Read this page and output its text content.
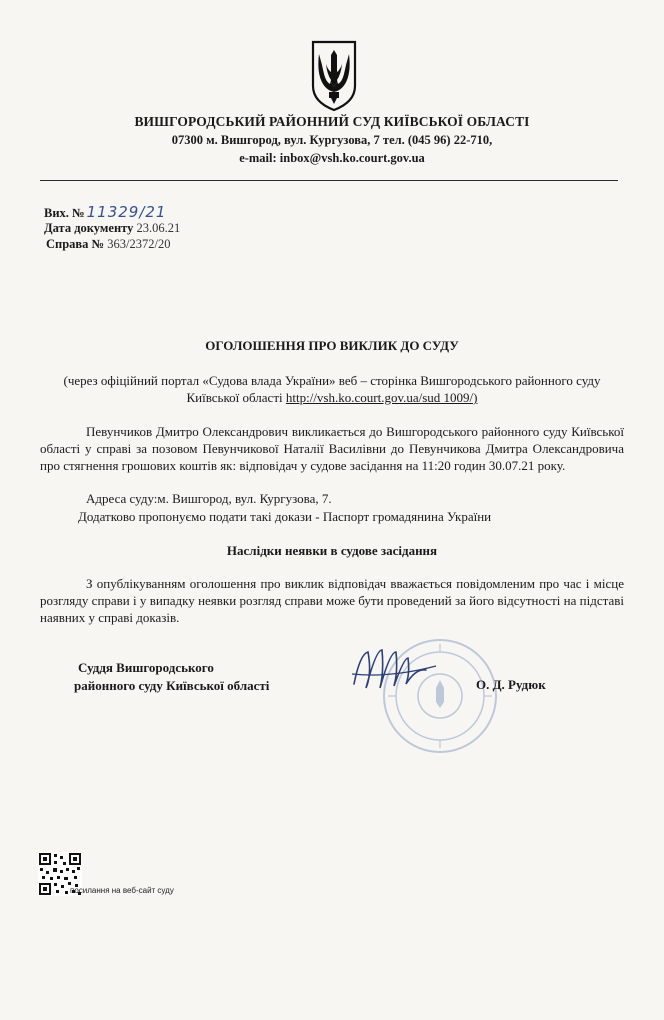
ВИШГОРОДСЬКИЙ РАЙОННИЙ СУД КИЇВСЬКОЇ ОБЛАСТІ
07300 м. Вишгород, вул. Кургузова, 7 тел. (045 96) 22-710,
e-mail: inbox@vsh.ko.court.gov.ua
Вих. № 11329/21
Дата документу 23.06.21
Справа № 363/2372/20
ОГОЛОШЕННЯ ПРО ВИКЛИК ДО СУДУ
(через офіційний портал «Судова влада України» веб – сторінка Вишгородського районного суду Київської області http://vsh.ko.court.gov.ua/sud 1009/)
Певунчиков Дмитро Олександрович викликається до Вишгородського районного суду Київської області у справі за позовом Певунчикової Наталії Василівни до Певунчикова Дмитра Олександровича про стягнення грошових коштів як: відповідач у судове засідання на 11:20 годин 30.07.21 року.
Адреса суду:м. Вишгород, вул. Кургузова, 7.
Додатково пропонуємо подати такі докази - Паспорт громадянина України
Наслідки неявки в судове засідання
З опублікуванням оголошення про виклик відповідач вважається повідомленим про час і місце розгляду справи і у випадку неявки розгляд справи може бути проведений за його відсутності на підставі наявних у справі доказів.
Суддя Вишгородського
районного суду Київської області	О. Д. Рудюк
посилання на веб-сайт суду
